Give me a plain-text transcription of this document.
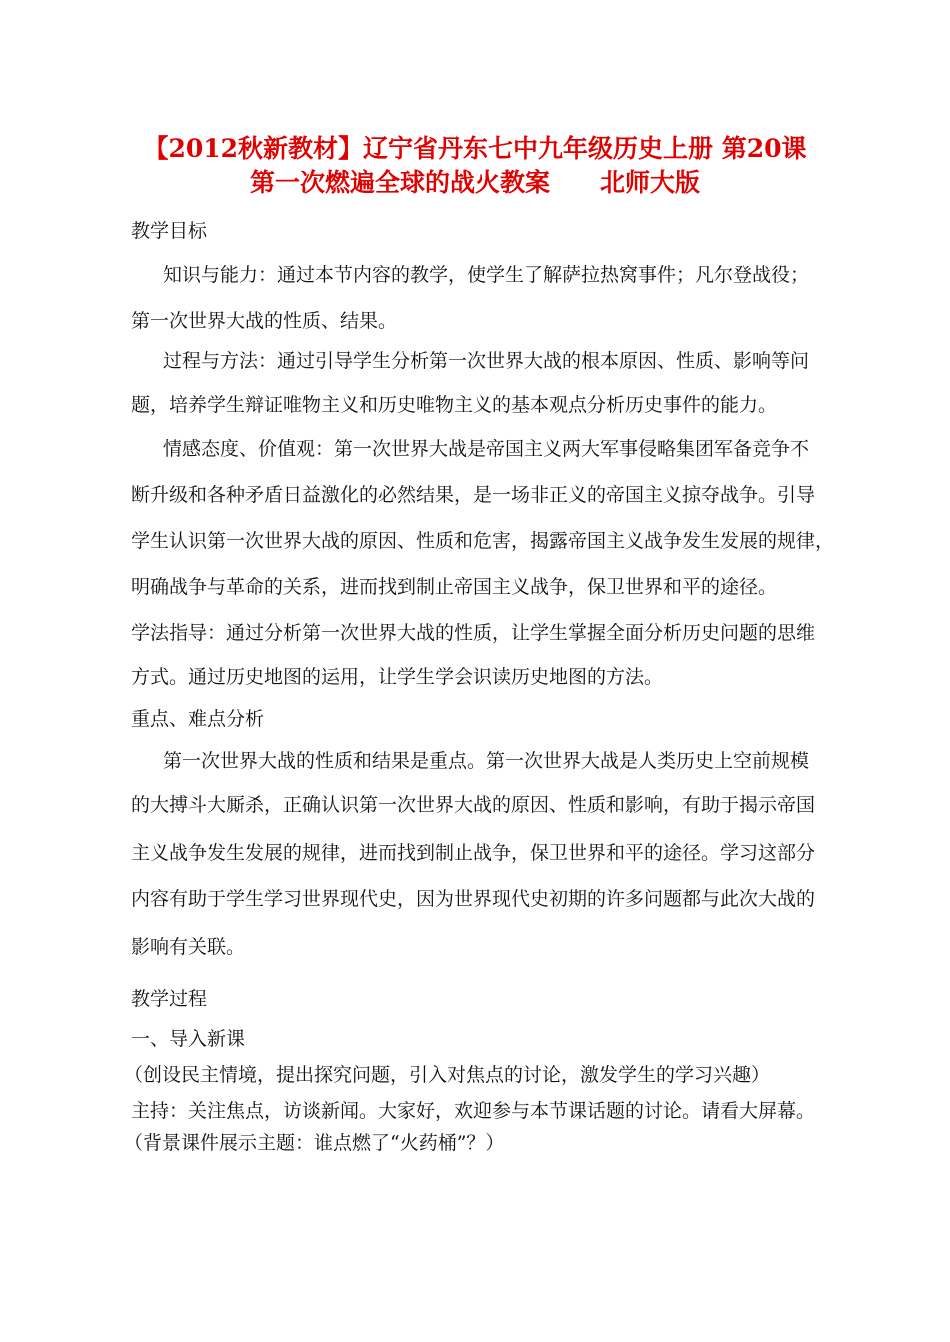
【2012秋新教材】辽宁省丹东七中九年级历史上册 第20课
第一次燃遍全球的战火教案　　北师大版
教学目标
知识与能力：通过本节内容的教学，使学生了解萨拉热窝事件；凡尔登战役；
第一次世界大战的性质、结果。
过程与方法：通过引导学生分析第一次世界大战的根本原因、性质、影响等问
题，培养学生辩证唯物主义和历史唯物主义的基本观点分析历史事件的能力。
情感态度、价值观：第一次世界大战是帝国主义两大军事侵略集团军备竞争不
断升级和各种矛盾日益激化的必然结果，是一场非正义的帝国主义掠夺战争。引导
学生认识第一次世界大战的原因、性质和危害，揭露帝国主义战争发生发展的规律，
明确战争与革命的关系，进而找到制止帝国主义战争，保卫世界和平的途径。
学法指导：通过分析第一次世界大战的性质，让学生掌握全面分析历史问题的思维
方式。通过历史地图的运用，让学生学会识读历史地图的方法。
重点、难点分析
第一次世界大战的性质和结果是重点。第一次世界大战是人类历史上空前规模
的大搏斗大厮杀，正确认识第一次世界大战的原因、性质和影响，有助于揭示帝国
主义战争发生发展的规律，进而找到制止战争，保卫世界和平的途径。学习这部分
内容有助于学生学习世界现代史，因为世界现代史初期的许多问题都与此次大战的
影响有关联。
教学过程
一、导入新课
（创设民主情境，提出探究问题，引入对焦点的讨论，激发学生的学习兴趣）
主持：关注焦点，访谈新闻。大家好，欢迎参与本节课话题的讨论。请看大屏幕。
（背景课件展示主题：谁点燃了“火药桶”？）
